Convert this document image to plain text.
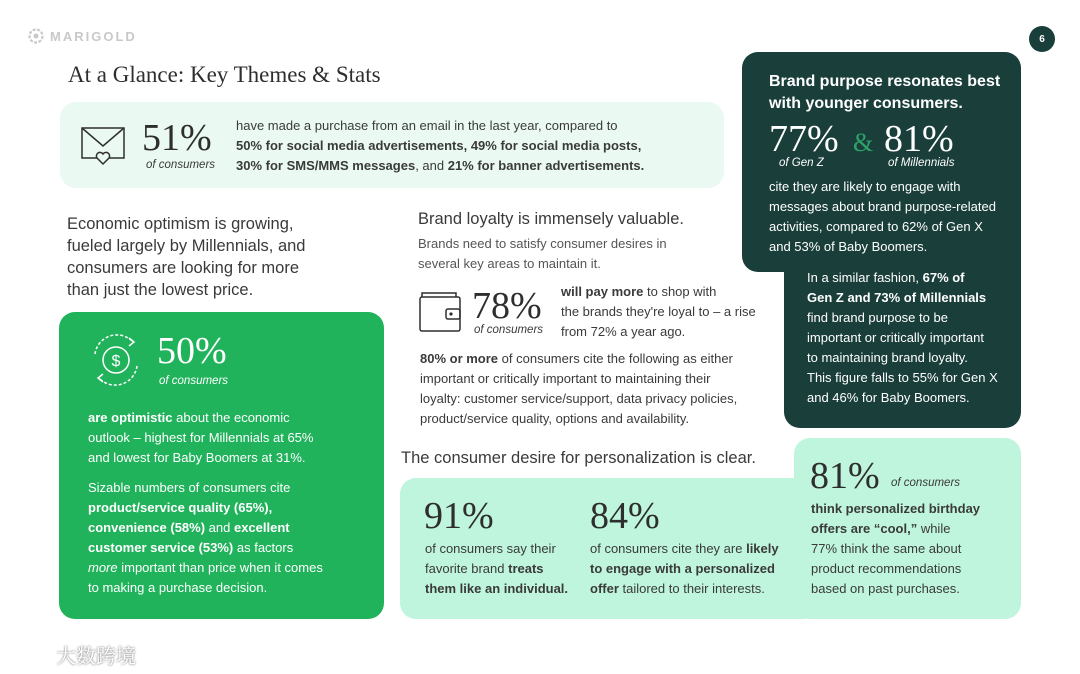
MARIGOLD	6
At a Glance: Key Themes & Stats
51%
of consumers
have made a purchase from an email in the last year, compared to
50% for social media advertisements, 49% for social media posts,
30% for SMS/MMS messages, and 21% for banner advertisements.
Economic optimism is growing,
fueled largely by Millennials, and
consumers are looking for more
than just the lowest price.
$ 50%
of consumers
are optimistic about the economic
outlook – highest for Millennials at 65%
and lowest for Baby Boomers at 31%.
Sizable numbers of consumers cite
product/service quality (65%),
convenience (58%) and excellent
customer service (53%) as factors
more important than price when it comes
to making a purchase decision.
Brand loyalty is immensely valuable.
Brands need to satisfy consumer desires in
several key areas to maintain it.
78%
of consumers
will pay more to shop with
the brands they're loyal to – a rise
from 72% a year ago.
80% or more of consumers cite the following as either
important or critically important to maintaining their
loyalty: customer service/support, data privacy policies,
product/service quality, options and availability.
Brand purpose resonates best
with younger consumers.
77%
of Gen Z
& 81%
of Millennials
cite they are likely to engage with
messages about brand purpose-related
activities, compared to 62% of Gen X
and 53% of Baby Boomers.
In a similar fashion, 67% of
Gen Z and 73% of Millennials
find brand purpose to be
important or critically important
to maintaining brand loyalty.
This figure falls to 55% for Gen X
and 46% for Baby Boomers.
The consumer desire for personalization is clear.
91%
of consumers say their
favorite brand treats
them like an individual.
84%
of consumers cite they are likely
to engage with a personalized
offer tailored to their interests.
81% of consumers
think personalized birthday
offers are “cool,” while
77% think the same about
product recommendations
based on past purchases.
大数跨境
